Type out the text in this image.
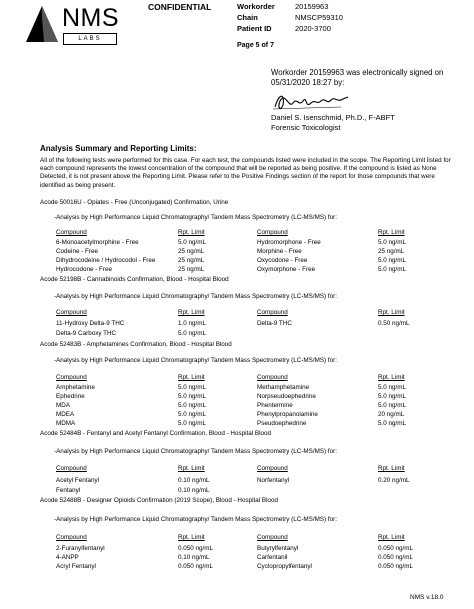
NMS
LABS
CONFIDENTIAL	Workorder	20159963
Chain	NMSCP59310
Patient ID	2020-3700
Page 5 of 7
Workorder 20159963 was electronically signed on 05/31/2020 18:27 by:
Daniel S. Isenschmid, Ph.D., F-ABFT
Forensic Toxicologist
Analysis Summary and Reporting Limits:
All of the following tests were performed for this case. For each test, the compounds listed were included in the scope. The Reporting Limit listed for each compound represents the lowest concentration of the compound that will be reported as being positive. If the compound is listed as None Detected, it is not present above the Reporting Limit. Please refer to the Positive Findings section of the report for those compounds that were identified as being present.
Acode 50016U - Opiates - Free (Unconjugated) Confirmation, Urine
-Analysis by High Performance Liquid Chromatography/ Tandem Mass Spectrometry (LC-MS/MS) for:
Compound	Rpt. Limit	Compound	Rpt. Limit
6-Monoacetylmorphine - Free	5.0 ng/mL	Hydromorphone - Free	5.0 ng/mL
Codeine - Free	25 ng/mL	Morphine - Free	25 ng/mL
Dihydrocodeine / Hydrocodol - Free	25 ng/mL	Oxycodone - Free	5.0 ng/mL
Hydrocodone - Free	25 ng/mL	Oxymorphone - Free	5.0 ng/mL
Acode 52198B - Cannabinoids Confirmation, Blood - Hospital Blood
-Analysis by High Performance Liquid Chromatography/ Tandem Mass Spectrometry (LC-MS/MS) for:
Compound	Rpt. Limit	Compound	Rpt. Limit
11-Hydroxy Delta-9 THC	1.0 ng/mL	Delta-9 THC	0.50 ng/mL
Delta-9 Carboxy THC	5.0 ng/mL
Acode 52483B - Amphetamines Confirmation, Blood - Hospital Blood
-Analysis by High Performance Liquid Chromatography/ Tandem Mass Spectrometry (LC-MS/MS) for:
Compound	Rpt. Limit	Compound	Rpt. Limit
Amphetamine	5.0 ng/mL	Methamphetamine	5.0 ng/mL
Ephedrine	5.0 ng/mL	Norpseudoephedrine	5.0 ng/mL
MDA	5.0 ng/mL	Phentermine	5.0 ng/mL
MDEA	5.0 ng/mL	Phenylpropanolamine	20 ng/mL
MDMA	5.0 ng/mL	Pseudoephedrine	5.0 ng/mL
Acode 52484B - Fentanyl and Acetyl Fentanyl Confirmation, Blood - Hospital Blood
-Analysis by High Performance Liquid Chromatography/ Tandem Mass Spectrometry (LC-MS/MS) for:
Compound	Rpt. Limit	Compound	Rpt. Limit
Acetyl Fentanyl	0.10 ng/mL	Norfentanyl	0.20 ng/mL
Fentanyl	0.10 ng/mL
Acode 52488B - Designer Opioids Confirmation (2019 Scope), Blood - Hospital Blood
-Analysis by High Performance Liquid Chromatography/ Tandem Mass Spectrometry (LC-MS/MS) for:
Compound	Rpt. Limit	Compound	Rpt. Limit
2-Furanylfentanyl	0.050 ng/mL	Butyrylfentanyl	0.050 ng/mL
4-ANPP	0.10 ng/mL	Carfentanil	0.050 ng/mL
Acryl Fentanyl	0.050 ng/mL	Cyclopropylfentanyl	0.050 ng/mL
NMS v.18.0
